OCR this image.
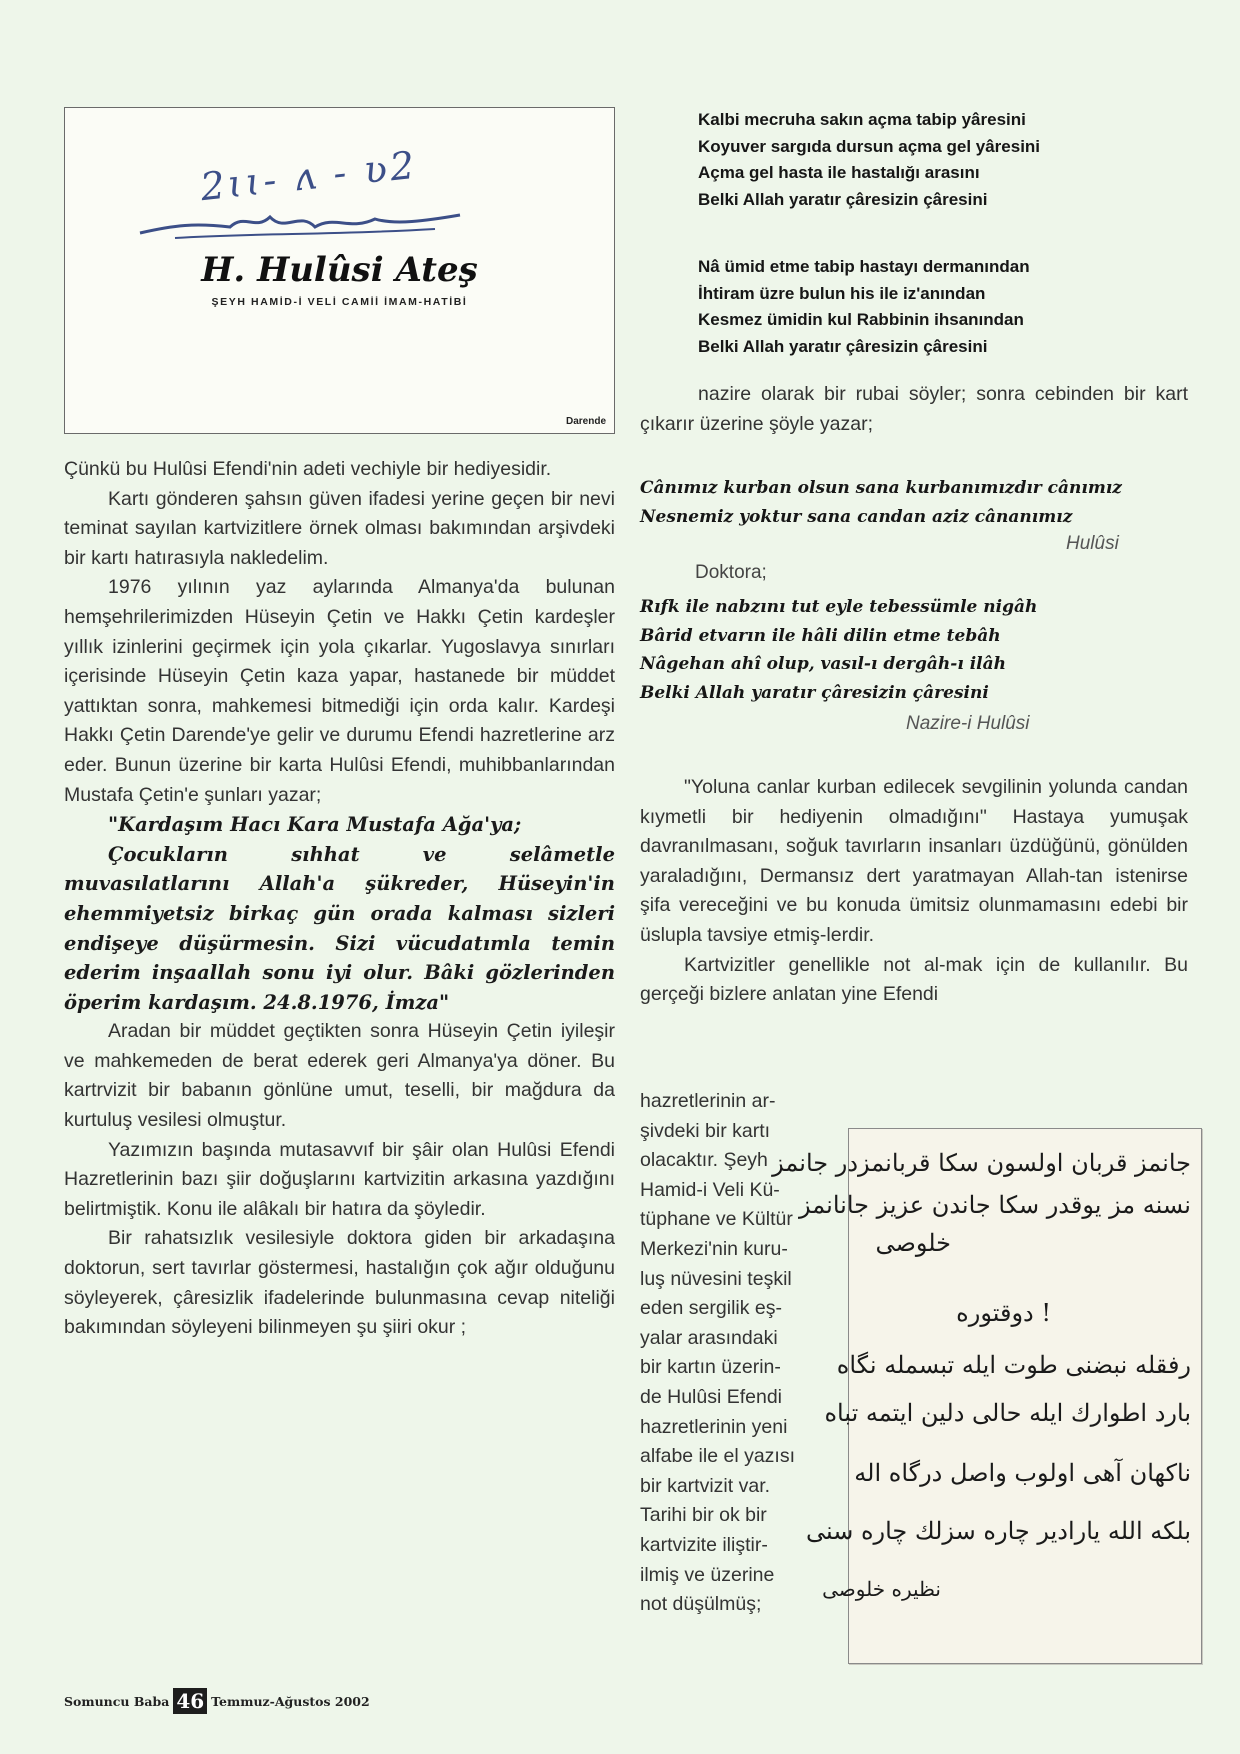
2ɩɩ- ʌ - ʋ2
H. Hulûsi Ateş
ŞEYH HAMİD-İ VELİ CAMİİ İMAM-HATİBİ
Darende

Çünkü bu Hulûsi Efendi'nin adeti vechiyle bir hediyesidir.

Kartı gönderen şahsın güven ifadesi yerine geçen bir nevi teminat sayılan kartvizitlere örnek olması bakımından arşivdeki bir kartı hatırasıyla nakledelim.

1976 yılının yaz aylarında Almanya'da bulunan hemşehrilerimizden Hüseyin Çetin ve Hakkı Çetin kardeşler yıllık izinlerini geçirmek için yola çıkarlar. Yugoslavya sınırları içerisinde Hüseyin Çetin kaza yapar, hastanede bir müddet yattıktan sonra, mahkemesi bitmediği için orda kalır. Kardeşi Hakkı Çetin Darende'ye gelir ve durumu Efendi hazretlerine arz eder. Bunun üzerine bir karta Hulûsi Efendi, muhibbanlarından Mustafa Çetin'e şunları yazar;

"Kardaşım Hacı Kara Mustafa Ağa'ya;

Çocukların sıhhat ve selâmetle muvasılatlarını Allah'a şükreder, Hüseyin'in ehemmiyetsiz birkaç gün orada kalması sizleri endişeye düşürmesin. Sizi vücudatımla temin ederim inşaallah sonu iyi olur. Bâki gözlerinden öperim kardaşım. 24.8.1976, İmza"

Aradan bir müddet geçtikten sonra Hüseyin Çetin iyileşir ve mahkemeden de berat ederek geri Almanya'ya döner. Bu kartrvizit bir babanın gönlüne umut, teselli, bir mağdura da kurtuluş vesilesi olmuştur.

Yazımızın başında mutasavvıf bir şâir olan Hulûsi Efendi Hazretlerinin bazı şiir doğuşlarını kartvizitin arkasına yazdığını belirtmiştik. Konu ile alâkalı bir hatıra da şöyledir.

Bir rahatsızlık vesilesiyle doktora giden bir arkadaşına doktorun, sert tavırlar göstermesi, hastalığın çok ağır olduğunu söyleyerek, çâresizlik ifadelerinde bulunmasına cevap niteliği bakımından söyleyeni bilinmeyen şu şiiri okur ;

Kalbi mecruha sakın açma tabip yâresini
Koyuver sargıda dursun açma gel yâresini
Açma gel hasta ile hastalığı arasını
Belki Allah yaratır çâresizin çâresini
Nâ ümid etme tabip hastayı dermanından
İhtiram üzre bulun his ile iz'anından
Kesmez ümidin kul Rabbinin ihsanından
Belki Allah yaratır çâresizin çâresini

nazire olarak bir rubai söyler; sonra cebinden bir kart çıkarır üzerine şöyle yazar;

Cânımız kurban olsun sana kurbanımızdır cânımız
Nesnemiz yoktur sana candan aziz cânanımız
Hulûsi
Doktora;
Rıfk ile nabzını tut eyle tebessümle nigâh
Bârid etvarın ile hâli dilin etme tebâh
Nâgehan ahî olup, vasıl-ı dergâh-ı ilâh
Belki Allah yaratır çâresizin çâresini
Nazire-i Hulûsi

"Yoluna canlar kurban edilecek sevgilinin yolunda candan kıymetli bir hediyenin olmadığını" Hastaya yumuşak davranılmasanı, soğuk tavırların insanları üzdüğünü, gönülden yaraladığını, Dermansız dert yaratmayan Allah-tan istenirse şifa vereceğini ve bu konuda ümitsiz olunmamasını edebi bir üslupla tavsiye etmiş-lerdir.

Kartvizitler genellikle not al-mak için de kullanılır. Bu gerçeği bizlere anlatan yine Efendi

hazretlerinin ar-

şivdeki bir kartı

olacaktır. Şeyh

Hamid-i Veli Kü-

tüphane ve Kültür

Merkezi'nin kuru-

luş nüvesini teşkil

eden sergilik eş-

yalar arasındaki

bir kartın üzerin-

de Hulûsi Efendi

hazretlerinin yeni

alfabe ile el yazısı

bir kartvizit var.

Tarihi bir ok bir

kartvizite iliştir-

ilmiş ve üzerine

not düşülmüş;

جانمز قربان اولسون سکا قربانمزدر جانمز
نسنه مز یوقدر سکا جاندن عزیز جانانمز
خلوصی
! دوقتوره
رفقله نبضنی طوت ایله تبسمله نگاه
بارد اطوارك ایله حالی دلین ایتمه تباه
ناکهان آهی اولوب واصل درگاه اله
بلکه الله یارادیر چاره سزلك چاره سنی
نظیره خلوصی
Somuncu Baba 46 Temmuz-Ağustos 2002
